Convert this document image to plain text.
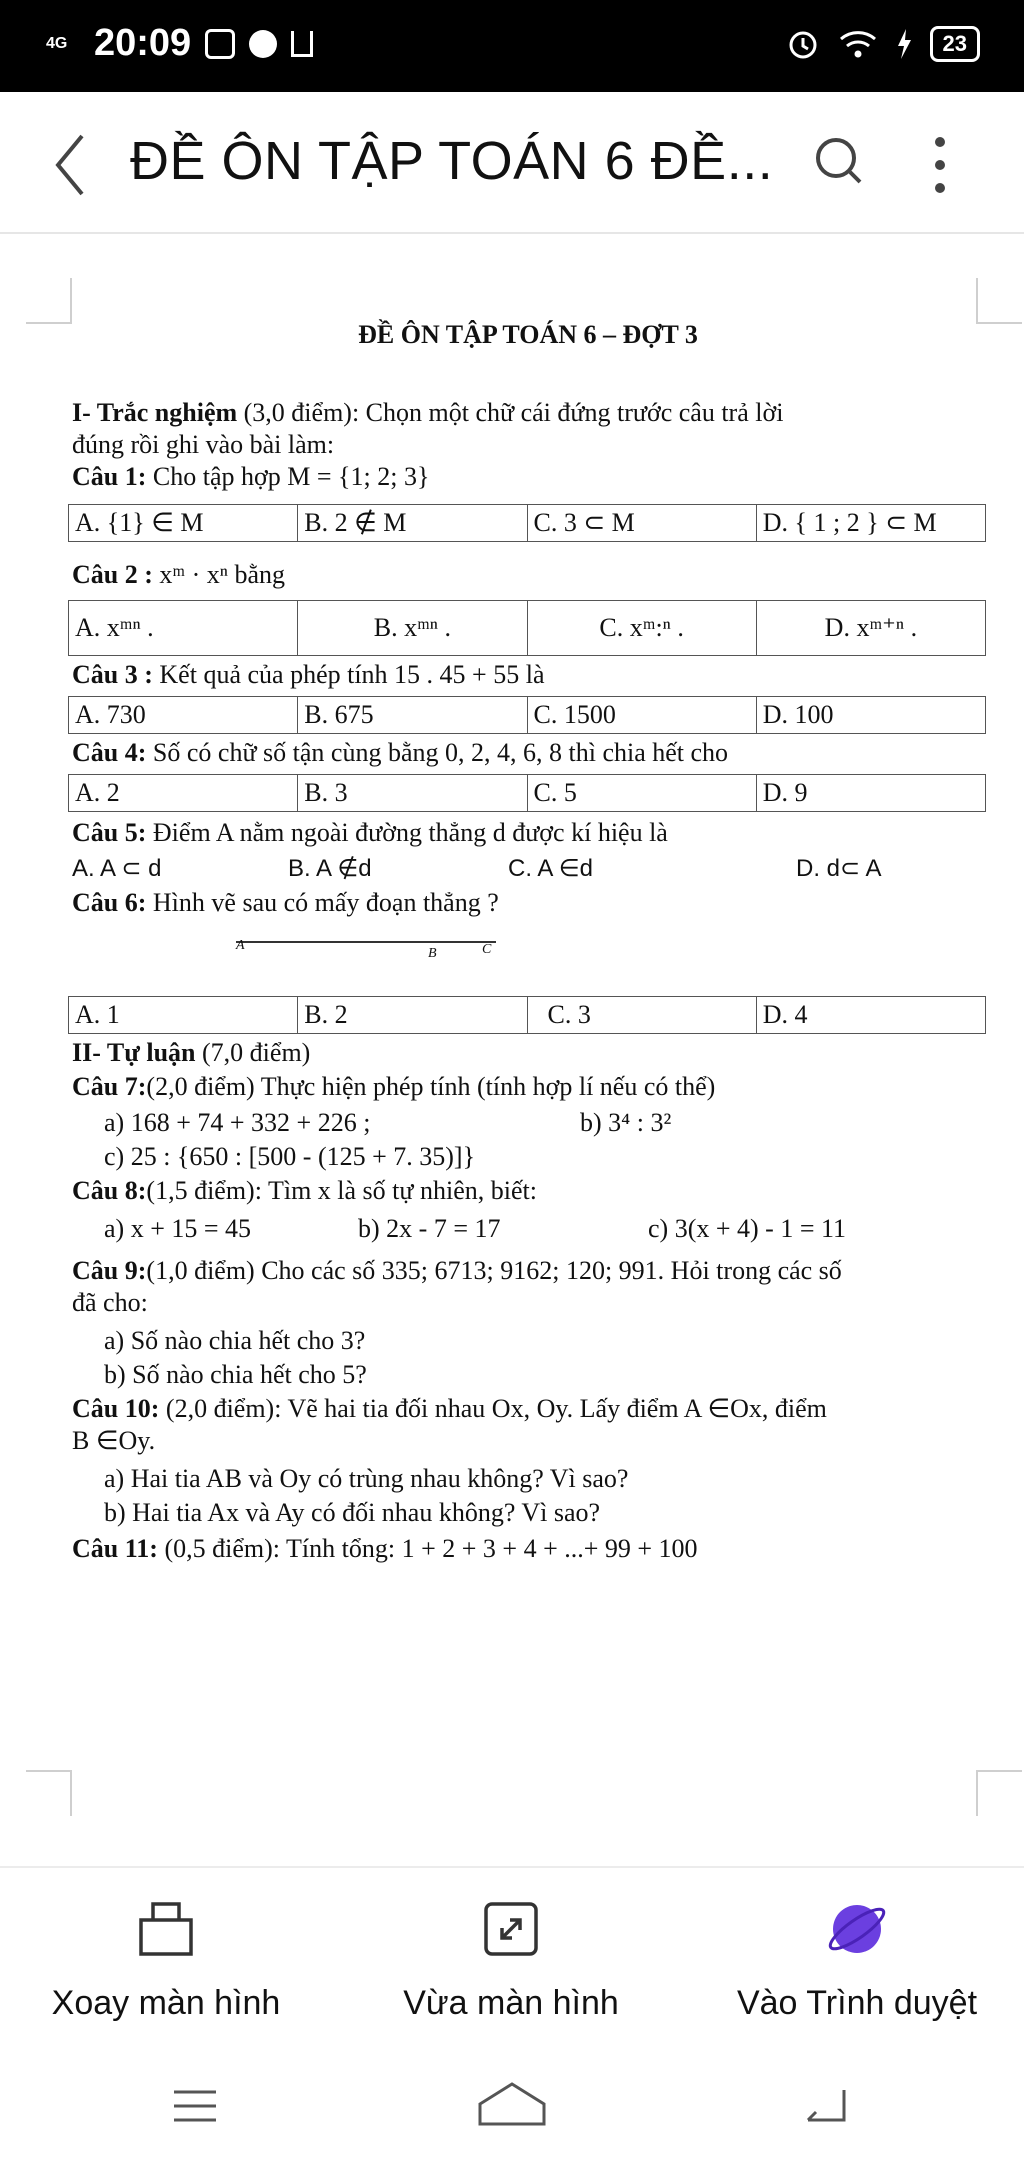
4G 20:09	23
ĐỀ ÔN TẬP TOÁN 6 ĐỀ...
ĐỀ ÔN TẬP TOÁN 6 – ĐỢT 3
I- Trắc nghiệm (3,0 điểm): Chọn một chữ cái đứng trước câu trả lời
đúng rồi ghi vào bài làm:
Câu 1: Cho tập hợp M = {1; 2; 3}
A. {1} ∈ M	B. 2 ∉ M	C. 3 ⊂ M	D. { 1 ; 2 } ⊂ M
Câu 2 : xᵐ · xⁿ bằng
A. xᵐⁿ .	B. xᵐⁿ .	C. xᵐ:ⁿ .	D. xᵐ⁺ⁿ .
Câu 3 : Kết quả của phép tính 15 . 45 + 55 là
A. 730	B. 675	C. 1500	D. 100
Câu 4: Số có chữ số tận cùng bằng 0, 2, 4, 6, 8 thì chia hết cho
A. 2	B. 3	C. 5	D. 9
Câu 5: Điểm A nằm ngoài đường thẳng d được kí hiệu là
A. A ⊂ d	B. A ∉d	C. A ∈d	D. d⊂ A
Câu 6: Hình vẽ sau có mấy đoạn thẳng ?
A
B	C
A. 1	B. 2	C. 3	D. 4
II- Tự luận (7,0 điểm)
Câu 7:(2,0 điểm) Thực hiện phép tính (tính hợp lí nếu có thể)
a) 168 + 74 + 332 + 226 ;	b) 3⁴ : 3²
c) 25 : {650 : [500 - (125 + 7. 35)]}
Câu 8:(1,5 điểm): Tìm x là số tự nhiên, biết:
a) x + 15 = 45	b) 2x - 7 = 17	c) 3(x + 4) - 1 = 11
Câu 9:(1,0 điểm) Cho các số 335; 6713; 9162; 120; 991. Hỏi trong các số
đã cho:
a) Số nào chia hết cho 3?
b) Số nào chia hết cho 5?
Câu 10: (2,0 điểm): Vẽ hai tia đối nhau Ox, Oy. Lấy điểm A ∈Ox, điểm
B ∈Oy.
a) Hai tia AB và Oy có trùng nhau không? Vì sao?
b) Hai tia Ax và Ay có đối nhau không? Vì sao?
Câu 11: (0,5 điểm): Tính tổng: 1 + 2 + 3 + 4 + ...+ 99 + 100
Xoay màn hình	Vừa màn hình	Vào Trình duyệt
